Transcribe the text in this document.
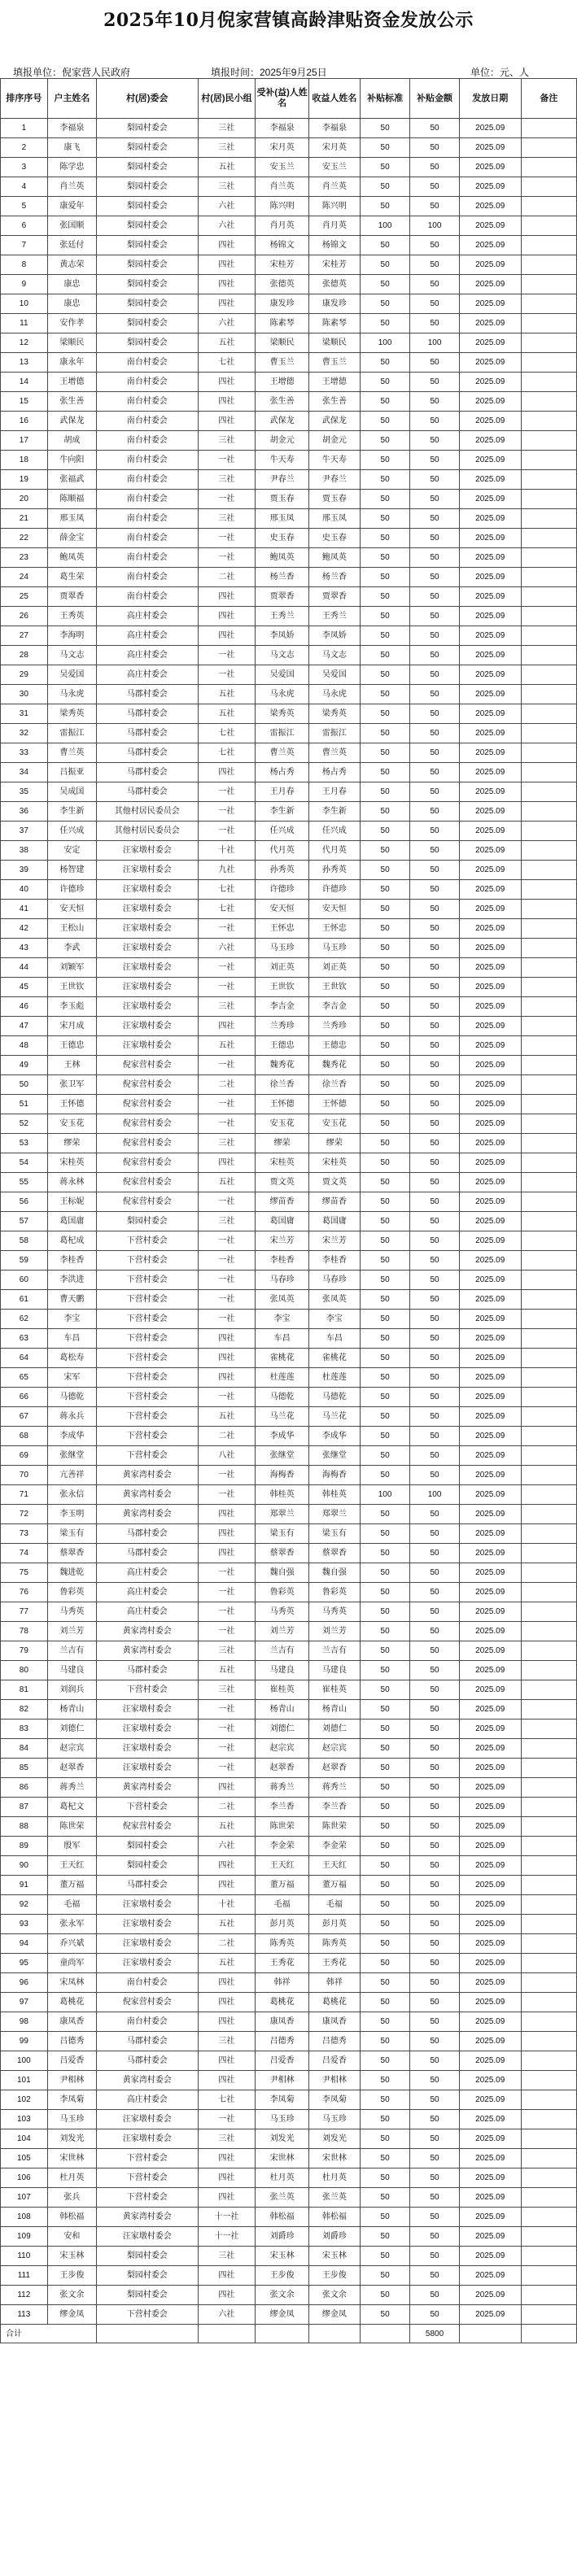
2025年10月倪家营镇高龄津贴资金发放公示
填报单位：倪家营人民政府	填报时间：2025年9月25日	单位：元、人
排序序号	户主姓名	村(居)委会	村(居)民小组	受补(益)人姓名	收益人姓名	补贴标准	补贴金额	发放日期	备注
1	李福泉	梨园村委会	三社	李福泉	李福泉	50	50	2025.09	
2	康飞	梨园村委会	三社	宋月英	宋月英	50	50	2025.09	
3	陈学忠	梨园村委会	五社	安玉兰	安玉兰	50	50	2025.09	
4	肖兰英	梨园村委会	三社	肖兰英	肖兰英	50	50	2025.09	
5	康爱年	梨园村委会	六社	陈兴明	陈兴明	50	50	2025.09	
6	张国顺	梨园村委会	六社	肖月英	肖月英	100	100	2025.09	
7	张廷付	梨园村委会	四社	杨锦文	杨锦文	50	50	2025.09	
8	黄志荣	梨园村委会	四社	宋桂芳	宋桂芳	50	50	2025.09	
9	康忠	梨园村委会	四社	张德英	张德英	50	50	2025.09	
10	康忠	梨园村委会	四社	康发珍	康发珍	50	50	2025.09	
11	安作孝	梨园村委会	六社	陈素琴	陈素琴	50	50	2025.09	
12	梁顺民	梨园村委会	五社	梁顺民	梁顺民	100	100	2025.09	
13	康永年	南台村委会	七社	曹玉兰	曹玉兰	50	50	2025.09	
14	王增德	南台村委会	四社	王增德	王增德	50	50	2025.09	
15	张生善	南台村委会	四社	张生善	张生善	50	50	2025.09	
16	武保龙	南台村委会	四社	武保龙	武保龙	50	50	2025.09	
17	胡成	南台村委会	三社	胡金元	胡金元	50	50	2025.09	
18	牛向阳	南台村委会	一社	牛天寿	牛天寿	50	50	2025.09	
19	张福武	南台村委会	三社	尹春兰	尹春兰	50	50	2025.09	
20	陈顺福	南台村委会	一社	贾玉春	贾玉春	50	50	2025.09	
21	邢玉凤	南台村委会	三社	邢玉凤	邢玉凤	50	50	2025.09	
22	薛金宝	南台村委会	一社	史玉春	史玉春	50	50	2025.09	
23	鲍凤英	南台村委会	一社	鲍凤英	鲍凤英	50	50	2025.09	
24	葛生荣	南台村委会	二社	杨兰香	杨兰香	50	50	2025.09	
25	贾翠香	南台村委会	四社	贾翠香	贾翠香	50	50	2025.09	
26	王秀英	高庄村委会	四社	王秀兰	王秀兰	50	50	2025.09	
27	李海明	高庄村委会	四社	李凤娇	李凤娇	50	50	2025.09	
28	马文志	高庄村委会	一社	马文志	马文志	50	50	2025.09	
29	吴爱国	高庄村委会	一社	吴爱国	吴爱国	50	50	2025.09	
30	马永虎	马郡村委会	五社	马永虎	马永虎	50	50	2025.09	
31	梁秀英	马郡村委会	五社	梁秀英	梁秀英	50	50	2025.09	
32	雷振江	马郡村委会	七社	雷振江	雷振江	50	50	2025.09	
33	曹兰英	马郡村委会	七社	曹兰英	曹兰英	50	50	2025.09	
34	吕振亚	马郡村委会	四社	杨占秀	杨占秀	50	50	2025.09	
35	吴成国	马郡村委会	一社	王月春	王月春	50	50	2025.09	
36	李生新	其他村居民委员会	一社	李生新	李生新	50	50	2025.09	
37	任兴成	其他村居民委员会	一社	任兴成	任兴成	50	50	2025.09	
38	安定	汪家墩村委会	十社	代月英	代月英	50	50	2025.09	
39	杨智建	汪家墩村委会	九社	孙秀英	孙秀英	50	50	2025.09	
40	许德珍	汪家墩村委会	七社	许德珍	许德珍	50	50	2025.09	
41	安天恒	汪家墩村委会	七社	安天恒	安天恒	50	50	2025.09	
42	王松山	汪家墩村委会	一社	王怀忠	王怀忠	50	50	2025.09	
43	李武	汪家墩村委会	六社	马玉珍	马玉珍	50	50	2025.09	
44	刘颖军	汪家墩村委会	一社	刘正英	刘正英	50	50	2025.09	
45	王世钦	汪家墩村委会	一社	王世钦	王世钦	50	50	2025.09	
46	李玉彪	汪家墩村委会	三社	李吉金	李吉金	50	50	2025.09	
47	宋月成	汪家墩村委会	四社	兰秀珍	兰秀珍	50	50	2025.09	
48	王德忠	汪家墩村委会	五社	王德忠	王德忠	50	50	2025.09	
49	王林	倪家营村委会	一社	魏秀花	魏秀花	50	50	2025.09	
50	张卫军	倪家营村委会	二社	徐兰香	徐兰香	50	50	2025.09	
51	王怀德	倪家营村委会	一社	王怀德	王怀德	50	50	2025.09	
52	安玉花	倪家营村委会	一社	安玉花	安玉花	50	50	2025.09	
53	缪荣	倪家营村委会	三社	缪荣	缪荣	50	50	2025.09	
54	宋桂英	倪家营村委会	四社	宋桂英	宋桂英	50	50	2025.09	
55	蒋永林	倪家营村委会	五社	贾文英	贾文英	50	50	2025.09	
56	王标妮	倪家营村委会	一社	缪苗香	缪苗香	50	50	2025.09	
57	葛国庸	梨园村委会	三社	葛国庸	葛国庸	50	50	2025.09	
58	葛杞成	下营村委会	一社	宋兰芳	宋兰芳	50	50	2025.09	
59	李桂香	下营村委会	一社	李桂香	李桂香	50	50	2025.09	
60	李洪进	下营村委会	一社	马春珍	马春珍	50	50	2025.09	
61	曹天鹏	下营村委会	一社	张凤英	张凤英	50	50	2025.09	
62	李宝	下营村委会	一社	李宝	李宝	50	50	2025.09	
63	车昌	下营村委会	四社	车昌	车昌	50	50	2025.09	
64	葛松寿	下营村委会	四社	雀桃花	雀桃花	50	50	2025.09	
65	宋军	下营村委会	四社	杜莲莲	杜莲莲	50	50	2025.09	
66	马德乾	下营村委会	一社	马德乾	马德乾	50	50	2025.09	
67	蒋永兵	下营村委会	五社	马兰花	马兰花	50	50	2025.09	
68	李成华	下营村委会	二社	李成华	李成华	50	50	2025.09	
69	张继堂	下营村委会	八社	张继堂	张继堂	50	50	2025.09	
70	亢善祥	黄家湾村委会	一社	海梅香	海梅香	50	50	2025.09	
71	张永信	黄家湾村委会	一社	韩桂英	韩桂英	100	100	2025.09	
72	李玉明	黄家湾村委会	四社	郑翠兰	郑翠兰	50	50	2025.09	
73	梁玉有	马郡村委会	四社	梁玉有	梁玉有	50	50	2025.09	
74	蔡翠香	马郡村委会	四社	蔡翠香	蔡翠香	50	50	2025.09	
75	魏进乾	高庄村委会	一社	魏自强	魏自强	50	50	2025.09	
76	鲁彩英	高庄村委会	一社	鲁彩英	鲁彩英	50	50	2025.09	
77	马秀英	高庄村委会	一社	马秀英	马秀英	50	50	2025.09	
78	刘兰芳	黄家湾村委会	一社	刘兰芳	刘兰芳	50	50	2025.09	
79	兰吉有	黄家湾村委会	三社	兰吉有	兰吉有	50	50	2025.09	
80	马建良	马郡村委会	五社	马建良	马建良	50	50	2025.09	
81	刘润兵	下营村委会	三社	崔桂英	崔桂英	50	50	2025.09	
82	杨青山	汪家墩村委会	一社	杨青山	杨青山	50	50	2025.09	
83	刘德仁	汪家墩村委会	一社	刘德仁	刘德仁	50	50	2025.09	
84	赵宗宾	汪家墩村委会	一社	赵宗宾	赵宗宾	50	50	2025.09	
85	赵翠香	汪家墩村委会	一社	赵翠香	赵翠香	50	50	2025.09	
86	蒋秀兰	黄家湾村委会	四社	蒋秀兰	蒋秀兰	50	50	2025.09	
87	葛杞文	下营村委会	二社	李兰香	李兰香	50	50	2025.09	
88	陈世荣	倪家营村委会	五社	陈世荣	陈世荣	50	50	2025.09	
89	殷军	梨园村委会	六社	李金荣	李金荣	50	50	2025.09	
90	王天红	梨园村委会	四社	王天红	王天红	50	50	2025.09	
91	董万福	马郡村委会	四社	董万福	董万福	50	50	2025.09	
92	毛福	汪家墩村委会	十社	毛福	毛福	50	50	2025.09	
93	张永军	汪家墩村委会	五社	彭月英	彭月英	50	50	2025.09	
94	乔兴斌	汪家墩村委会	二社	陈秀英	陈秀英	50	50	2025.09	
95	童尚军	汪家墩村委会	五社	王秀花	王秀花	50	50	2025.09	
96	宋凤林	南台村委会	四社	韩祥	韩祥	50	50	2025.09	
97	葛桃花	倪家营村委会	四社	葛桃花	葛桃花	50	50	2025.09	
98	康凤香	南台村委会	四社	康凤香	康凤香	50	50	2025.09	
99	吕德秀	马郡村委会	三社	吕德秀	吕德秀	50	50	2025.09	
100	吕爱香	马郡村委会	四社	吕爱香	吕爱香	50	50	2025.09	
101	尹相林	黄家湾村委会	四社	尹相林	尹相林	50	50	2025.09	
102	李凤菊	高庄村委会	七社	李凤菊	李凤菊	50	50	2025.09	
103	马玉珍	汪家墩村委会	一社	马玉珍	马玉珍	50	50	2025.09	
104	刘发光	汪家墩村委会	三社	刘发光	刘发光	50	50	2025.09	
105	宋世林	下营村委会	四社	宋世林	宋世林	50	50	2025.09	
106	杜月英	下营村委会	四社	杜月英	杜月英	50	50	2025.09	
107	张兵	下营村委会	四社	张兰英	张兰英	50	50	2025.09	
108	韩松福	黄家湾村委会	十一社	韩松福	韩松福	50	50	2025.09	
109	安和	汪家墩村委会	十一社	刘爵珍	刘爵珍	50	50	2025.09	
110	宋玉林	梨园村委会	三社	宋玉林	宋玉林	50	50	2025.09	
111	王步俊	梨园村委会	四社	王步俊	王步俊	50	50	2025.09	
112	张文余	梨园村委会	四社	张文余	张文余	50	50	2025.09	
113	缪金凤	下营村委会	六社	缪金凤	缪金凤	50	50	2025.09	
合计							5800		
